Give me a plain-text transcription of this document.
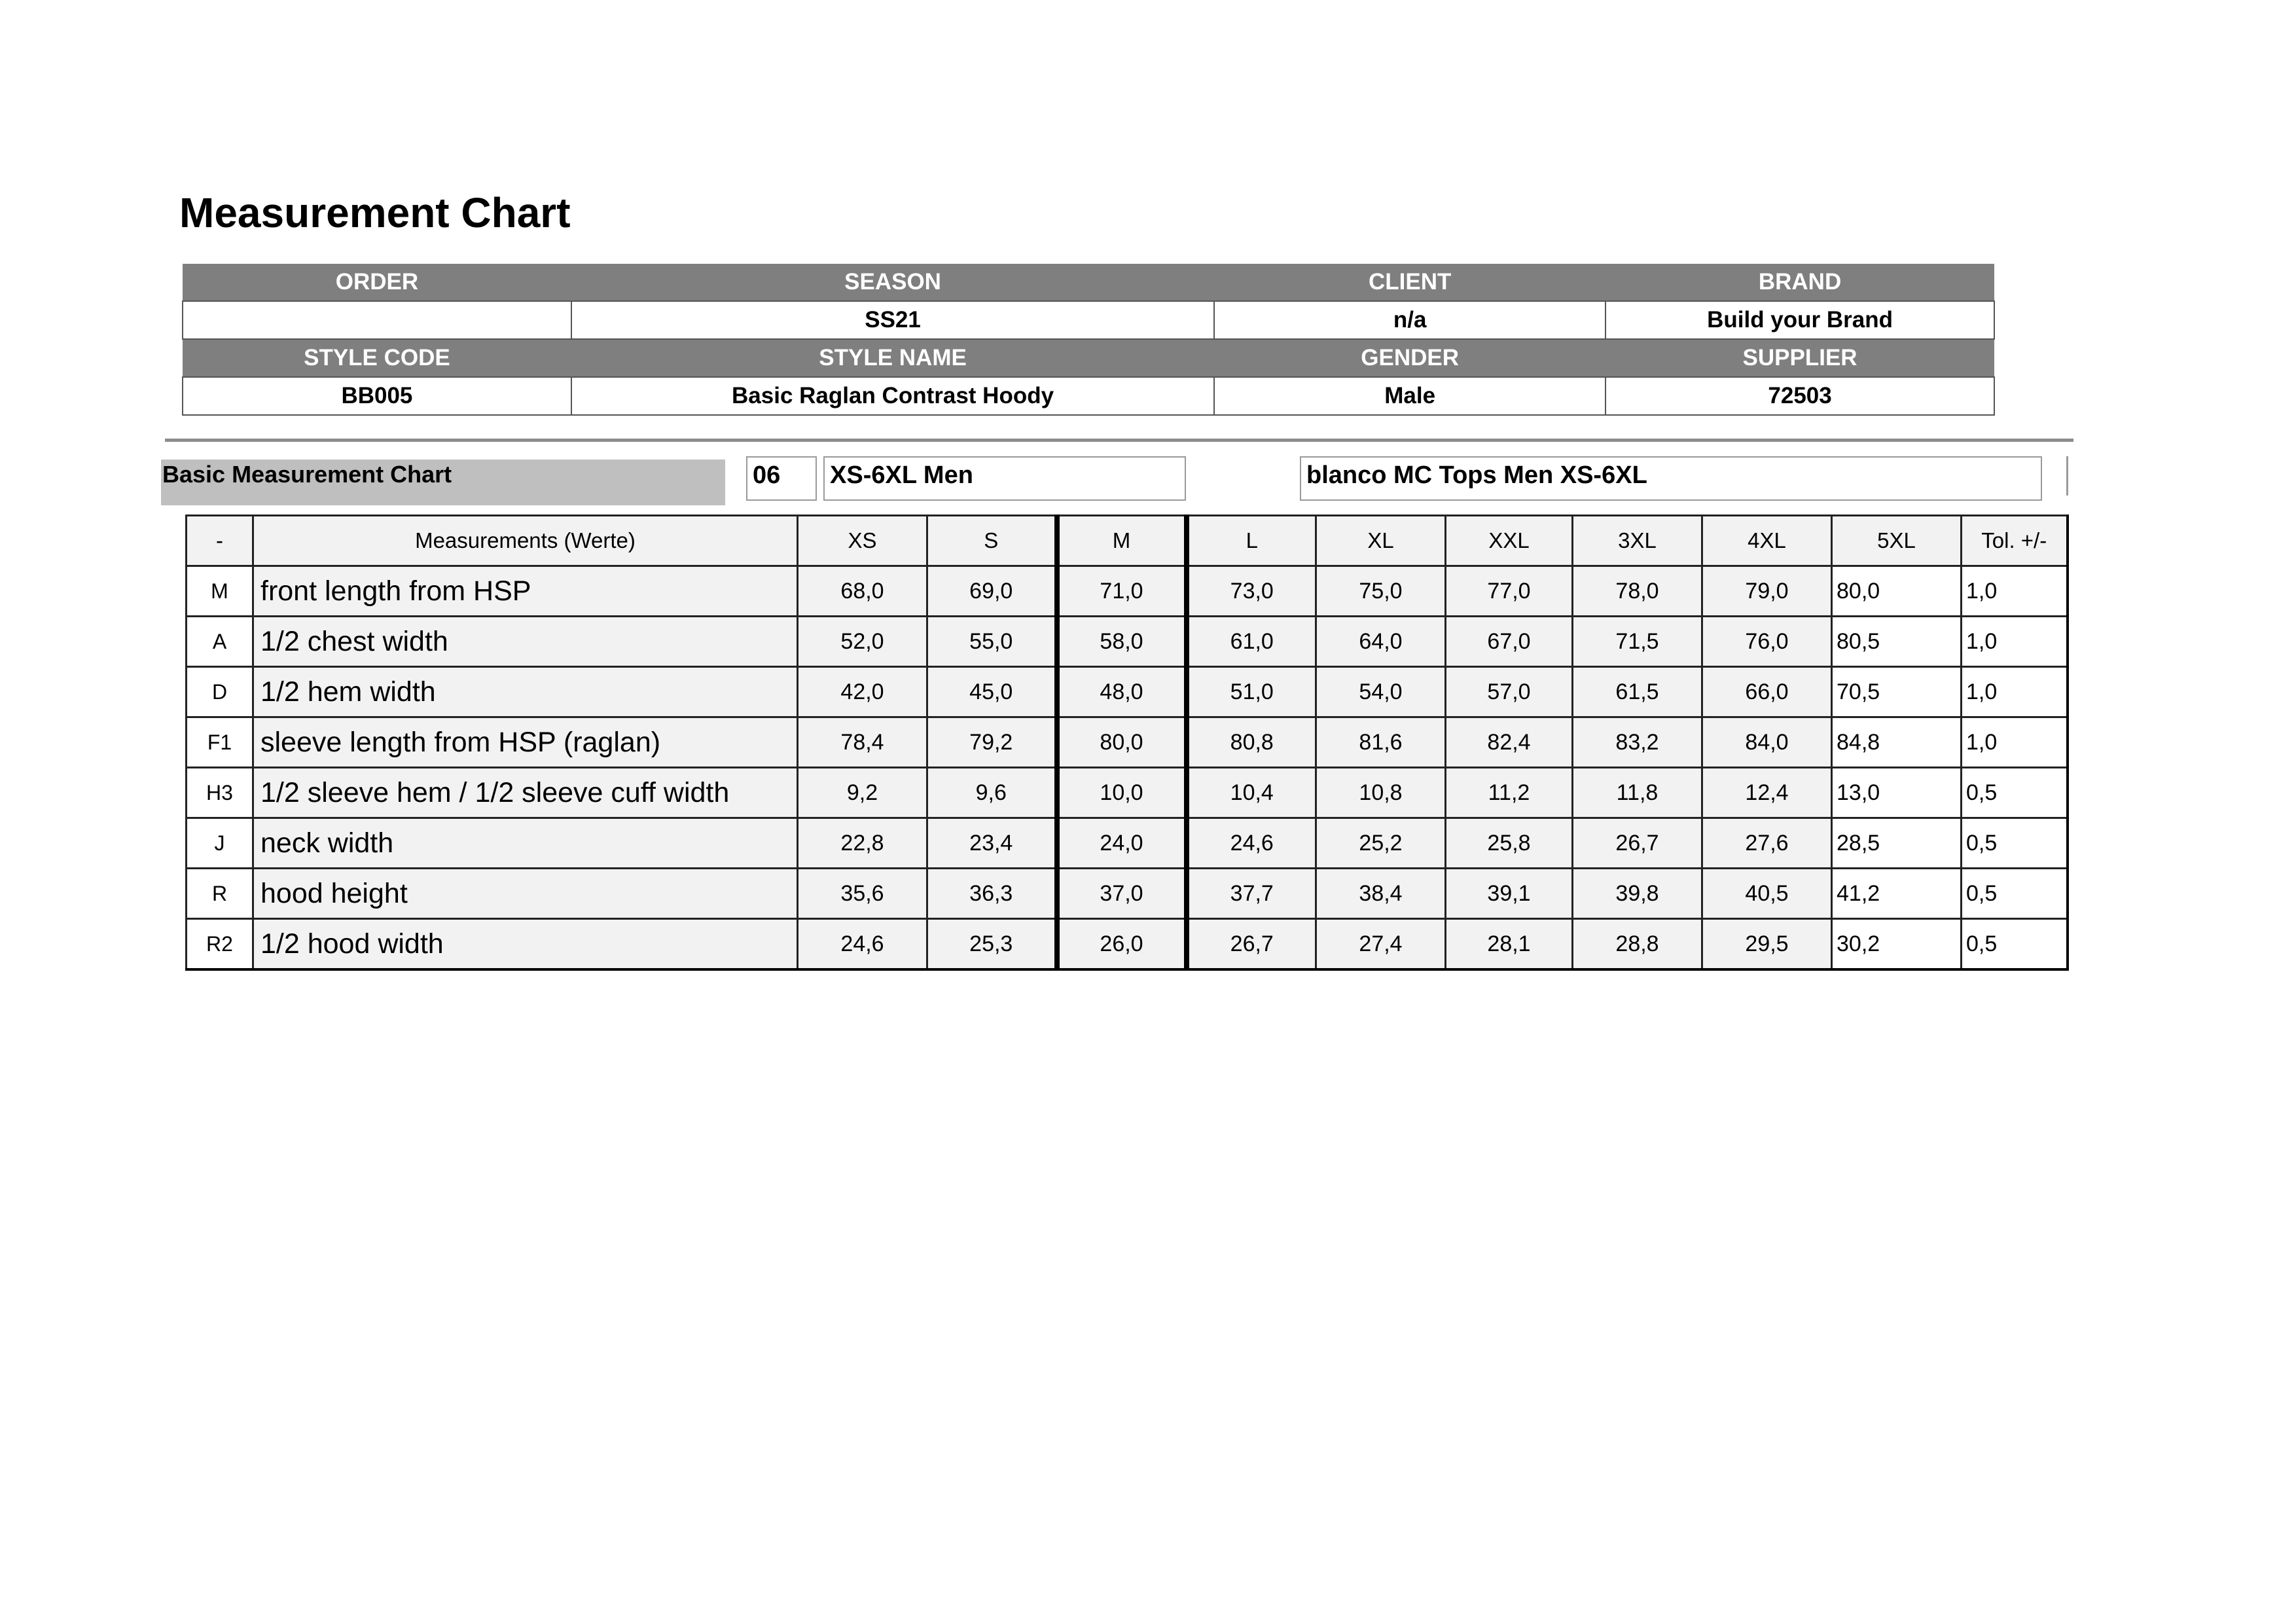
Measurement Chart
ORDER	SEASON	CLIENT	BRAND
	SS21	n/a	Build your Brand
STYLE CODE	STYLE NAME	GENDER	SUPPLIER
BB005	Basic Raglan Contrast Hoody	Male	72503
Basic Measurement Chart	06	XS-6XL Men	blanco MC Tops Men XS-6XL
-	Measurements (Werte)	XS	S	M	L	XL	XXL	3XL	4XL	5XL	Tol. +/-
M	front length from HSP	68,0	69,0	71,0	73,0	75,0	77,0	78,0	79,0	80,0	1,0
A	1/2 chest width	52,0	55,0	58,0	61,0	64,0	67,0	71,5	76,0	80,5	1,0
D	1/2 hem width	42,0	45,0	48,0	51,0	54,0	57,0	61,5	66,0	70,5	1,0
F1	sleeve length from HSP (raglan)	78,4	79,2	80,0	80,8	81,6	82,4	83,2	84,0	84,8	1,0
H3	1/2 sleeve hem / 1/2 sleeve cuff width	9,2	9,6	10,0	10,4	10,8	11,2	11,8	12,4	13,0	0,5
J	neck width	22,8	23,4	24,0	24,6	25,2	25,8	26,7	27,6	28,5	0,5
R	hood height	35,6	36,3	37,0	37,7	38,4	39,1	39,8	40,5	41,2	0,5
R2	1/2 hood width	24,6	25,3	26,0	26,7	27,4	28,1	28,8	29,5	30,2	0,5
